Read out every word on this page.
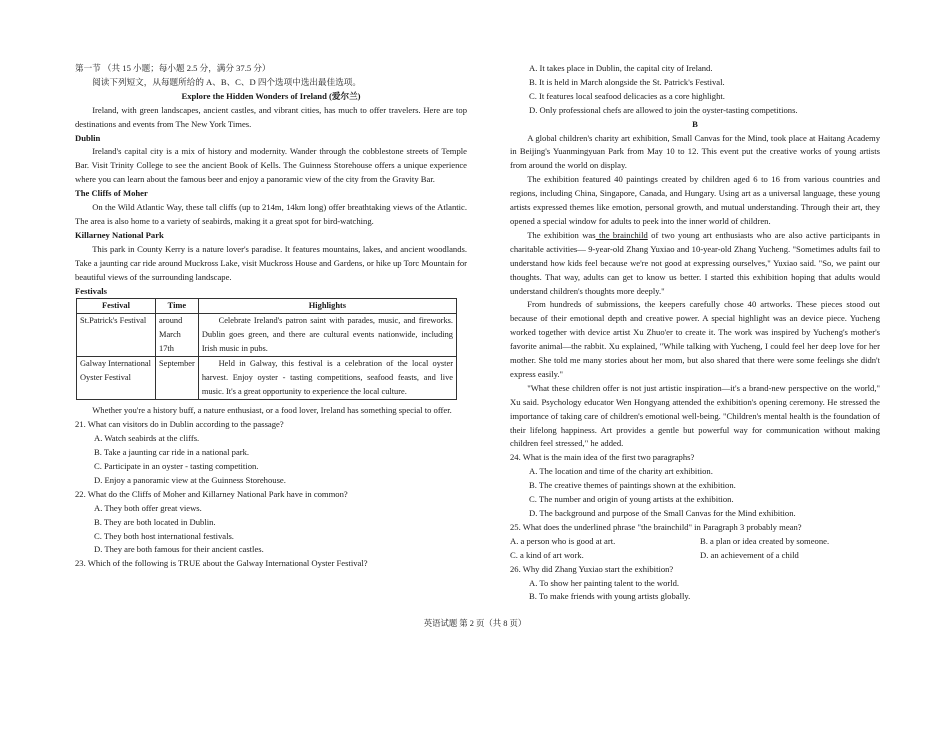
第一节 （共 15 小题；每小题 2.5 分，满分 37.5 分）

阅读下列短文，从每题所给的 A、B、C、D 四个选项中选出最佳选项。

Explore the Hidden Wonders of Ireland (爱尔兰)

Ireland, with green landscapes, ancient castles, and vibrant cities, has much to offer travelers. Here are top destinations and events from The New York Times.

Dublin

Ireland's capital city is a mix of history and modernity. Wander through the cobblestone streets of Temple Bar. Visit Trinity College to see the ancient Book of Kells. The Guinness Storehouse offers a unique experience where you can learn about the famous beer and enjoy a panoramic view of the city from the Gravity Bar.

The Cliffs of Moher

On the Wild Atlantic Way, these tall cliffs (up to 214m, 14km long) offer breathtaking views of the Atlantic. The area is also home to a variety of seabirds, making it a great spot for bird-watching.

Killarney National Park

This park in County Kerry is a nature lover's paradise. It features mountains, lakes, and ancient woodlands. Take a jaunting car ride around Muckross Lake, visit Muckross House and Gardens, or hike up Torc Mountain for beautiful views of the surrounding landscape.

Festivals

Festival	Time	Highlights
St.Patrick's Festival	around March 17th	Celebrate Ireland's patron saint with parades, music, and fireworks. Dublin goes green, and there are cultural events nationwide, including Irish music in pubs.
Galway International Oyster Festival	September	Held in Galway, this festival is a celebration of the local oyster harvest. Enjoy oyster - tasting competitions, seafood feasts, and live music. It's a great opportunity to experience the local culture.

Whether you're a history buff, a nature enthusiast, or a food lover, Ireland has something special to offer.

21. What can visitors do in Dublin according to the passage?

A. Watch seabirds at the cliffs.

B. Take a jaunting car ride in a national park.

C. Participate in an oyster - tasting competition.

D. Enjoy a panoramic view at the Guinness Storehouse.

22. What do the Cliffs of Moher and Killarney National Park have in common?

A. They both offer great views.

B. They are both located in Dublin.

C. They both host international festivals.

D. They are both famous for their ancient castles.

23. Which of the following is TRUE about the Galway International Oyster Festival?

A. It takes place in Dublin, the capital city of Ireland.

B. It is held in March alongside the St. Patrick's Festival.

C. It features local seafood delicacies as a core highlight.

D. Only professional chefs are allowed to join the oyster-tasting competitions.

B

A global children's charity art exhibition, Small Canvas for the Mind, took place at Haitang Academy in Beijing's Yuanmingyuan Park from May 10 to 12. This event put the creative works of young artists from around the world on display.

The exhibition featured 40 paintings created by children aged 6 to 16 from various countries and regions, including China, Singapore, Canada, and Hungary. Using art as a universal language, these young artists expressed themes like emotion, personal growth, and mutual understanding. Through their art, they opened a special window for adults to peek into the inner world of children.

The exhibition was the brainchild of two young art enthusiasts who are also active participants in charitable activities— 9-year-old Zhang Yuxiao and 10-year-old Zhang Yucheng. "Sometimes adults fail to understand how kids feel because we're not good at expressing ourselves," Yuxiao said. "So, we paint our thoughts. That way, adults can get to know us better. I started this exhibition hoping that adults would understand children's thoughts more deeply."

From hundreds of submissions, the keepers carefully chose 40 artworks. These pieces stood out because of their emotional depth and creative power. A special highlight was an device piece. Yucheng worked together with device artist Xu Zhuo'er to create it. The work was inspired by Yucheng's mother's favorite animal—the rabbit. Xu explained, "While talking with Yucheng, I could feel her deep love for her mother. She told me many stories about her mom, but also shared that there were some feelings she didn't express easily."

"What these children offer is not just artistic inspiration—it's a brand-new perspective on the world," Xu said. Psychology educator Wen Hongyang attended the exhibition's opening ceremony. He stressed the importance of taking care of children's emotional well-being. "Children's mental health is the foundation of their lifelong happiness. Art provides a gentle but powerful way for communication without making children feel stressed," he added.

24. What is the main idea of the first two paragraphs?

A. The location and time of the charity art exhibition.

B. The creative themes of paintings shown at the exhibition.

C. The number and origin of young artists at the exhibition.

D. The background and purpose of the Small Canvas for the Mind exhibition.

25. What does the underlined phrase "the brainchild" in Paragraph 3 probably mean?

A. a person who is good at art.	B. a plan or idea created by someone.

C. a kind of art work.	D. an achievement of a child

26. Why did Zhang Yuxiao start the exhibition?

A. To show her painting talent to the world.

B. To make friends with young artists globally.

英语试题 第 2 页（共 8 页）
